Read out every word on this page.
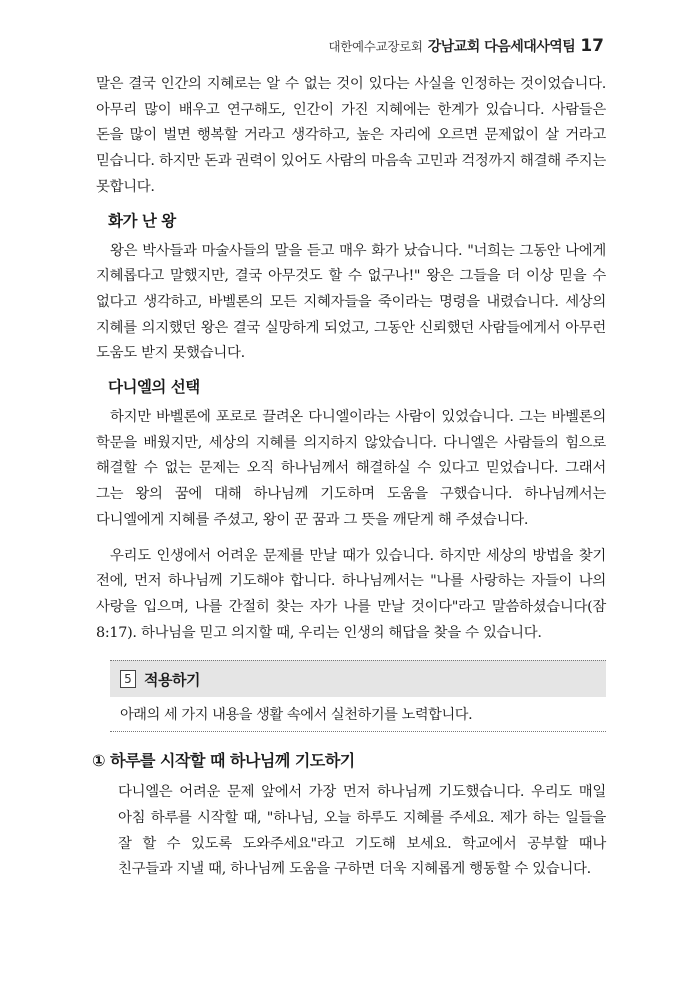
대한예수교장로회 강남교회 다음세대사역팀 17

말은 결국 인간의 지혜로는 알 수 없는 것이 있다는 사실을 인정하는 것이었습니다. 아무리 많이 배우고 연구해도, 인간이 가진 지혜에는 한계가 있습니다. 사람들은 돈을 많이 벌면 행복할 거라고 생각하고, 높은 자리에 오르면 문제없이 살 거라고 믿습니다. 하지만 돈과 권력이 있어도 사람의 마음속 고민과 걱정까지 해결해 주지는 못합니다.

화가 난 왕

왕은 박사들과 마술사들의 말을 듣고 매우 화가 났습니다. "너희는 그동안 나에게 지혜롭다고 말했지만, 결국 아무것도 할 수 없구나!" 왕은 그들을 더 이상 믿을 수 없다고 생각하고, 바벨론의 모든 지혜자들을 죽이라는 명령을 내렸습니다. 세상의 지혜를 의지했던 왕은 결국 실망하게 되었고, 그동안 신뢰했던 사람들에게서 아무런 도움도 받지 못했습니다.

다니엘의 선택

하지만 바벨론에 포로로 끌려온 다니엘이라는 사람이 있었습니다. 그는 바벨론의 학문을 배웠지만, 세상의 지혜를 의지하지 않았습니다. 다니엘은 사람들의 힘으로 해결할 수 없는 문제는 오직 하나님께서 해결하실 수 있다고 믿었습니다. 그래서 그는 왕의 꿈에 대해 하나님께 기도하며 도움을 구했습니다. 하나님께서는 다니엘에게 지혜를 주셨고, 왕이 꾼 꿈과 그 뜻을 깨닫게 해 주셨습니다.

우리도 인생에서 어려운 문제를 만날 때가 있습니다. 하지만 세상의 방법을 찾기 전에, 먼저 하나님께 기도해야 합니다. 하나님께서는 "나를 사랑하는 자들이 나의 사랑을 입으며, 나를 간절히 찾는 자가 나를 만날 것이다"라고 말씀하셨습니다(잠 8:17). 하나님을 믿고 의지할 때, 우리는 인생의 해답을 찾을 수 있습니다.

5 적용하기
아래의 세 가지 내용을 생활 속에서 실천하기를 노력합니다.
① 하루를 시작할 때 하나님께 기도하기

다니엘은 어려운 문제 앞에서 가장 먼저 하나님께 기도했습니다. 우리도 매일 아침 하루를 시작할 때, "하나님, 오늘 하루도 지혜를 주세요. 제가 하는 일들을 잘 할 수 있도록 도와주세요"라고 기도해 보세요. 학교에서 공부할 때나 친구들과 지낼 때, 하나님께 도움을 구하면 더욱 지혜롭게 행동할 수 있습니다.
